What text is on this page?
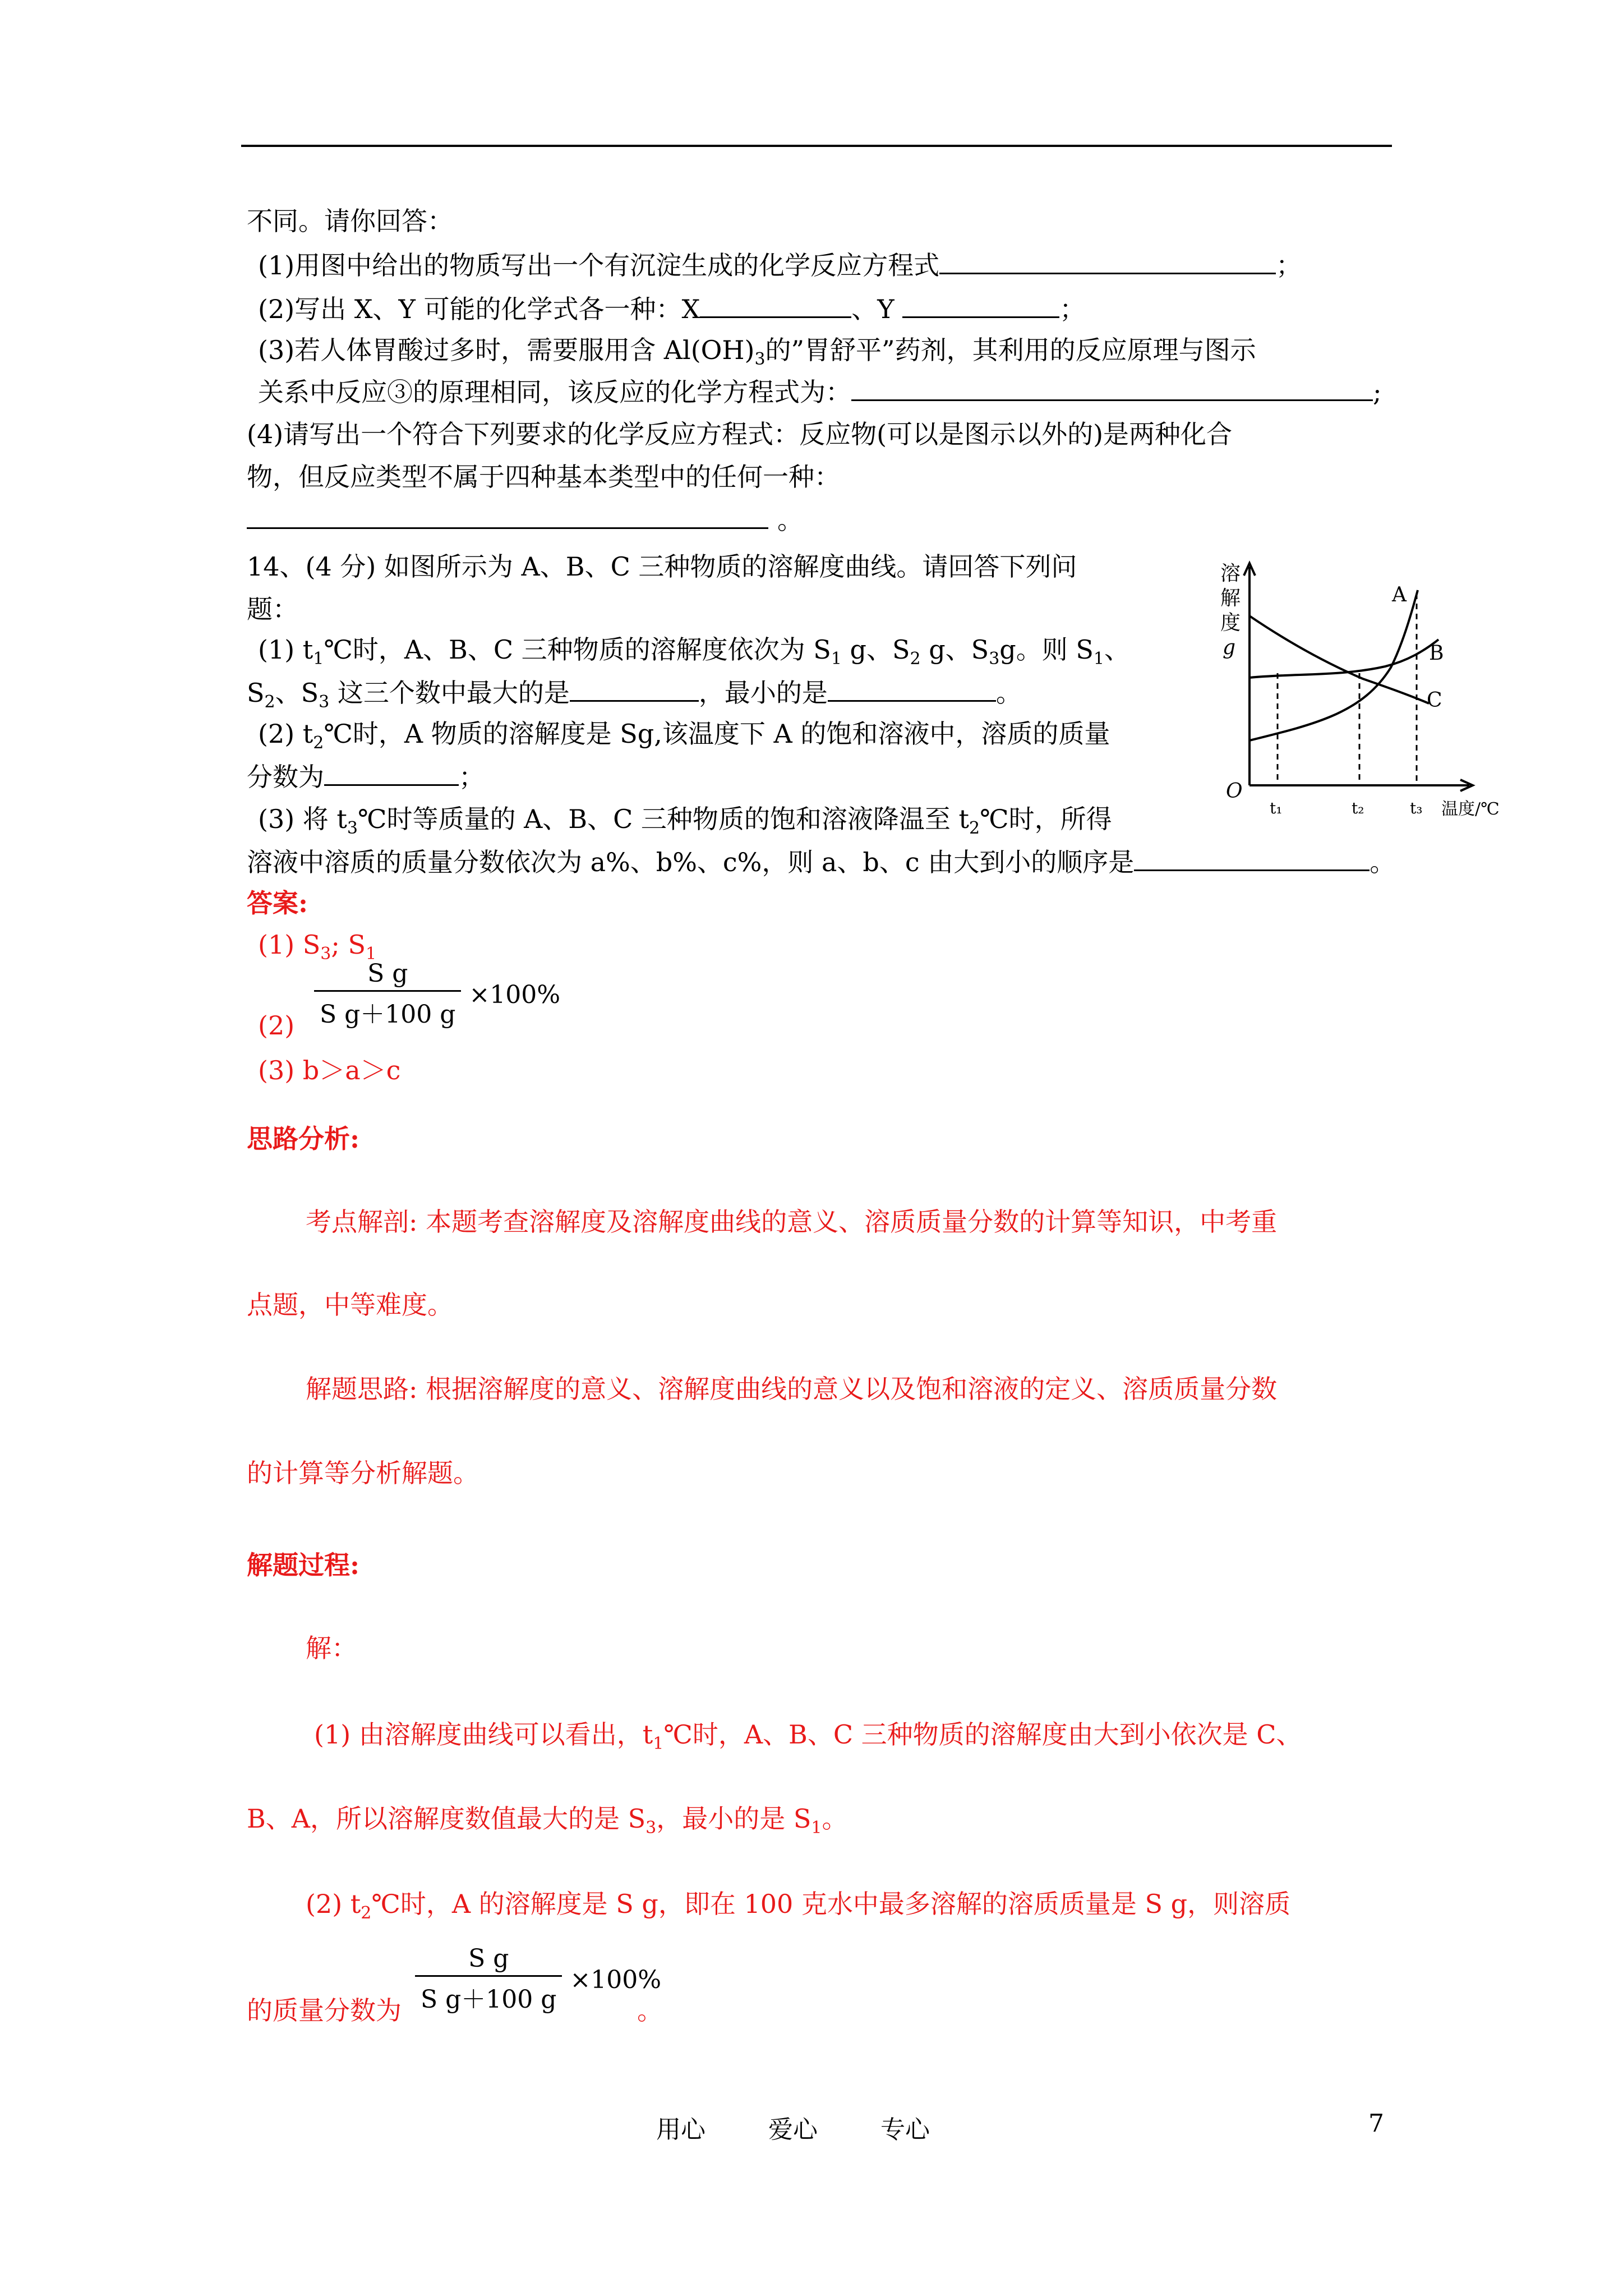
不同。请你回答：
(1)用图中给出的物质写出一个有沉淀生成的化学反应方程式	；
(2)写出 X、Y 可能的化学式各一种：X	、Y	；
(3)若人体胃酸过多时，需要服用含 $Al(OH)_3$的”胃舒平”药剂，其利用的反应原理与图示
关系中反应③的原理相同，该反应的化学方程式为：	;
(4)请写出一个符合下列要求的化学反应方程式：反应物(可以是图示以外的)是两种化合
物，但反应类型不属于四种基本类型中的任何一种：
。
14、(4 分) 如图所示为 A、B、C 三种物质的溶解度曲线。请回答下列问
题：
(1) $t_1℃$时，A、B、C 三种物质的溶解度依次为 $S_1$ g、$S_2$ g、$S_3g$。则 $S_1$、
$S_2$、$S_3$ 这三个数中最大的是	，最小的是	。
(2) $t_2℃$时，A 物质的溶解度是 Sg,该温度下 A 的饱和溶液中，溶质的质量
分数为	；
(3) 将 $t_3℃$时等质量的 A、B、C 三种物质的饱和溶液降温至 $t_2℃$时，所得
溶液中溶质的质量分数依次为 a%、b%、c%，则 a、b、c 由大到小的顺序是	。
溶
解
度
g
O
温度/℃
t₁	t₂	t₃
A
B
C
答案:
(1) $S_3$; $S_1$
$(2) \frac{\text{S g}}{\text{S g＋100 g}} \times 100\%$
(3) b＞a＞c
思路分析:
考点解剖: 本题考查溶解度及溶解度曲线的意义、溶质质量分数的计算等知识，中考重
点题，中等难度。
解题思路: 根据溶解度的意义、溶解度曲线的意义以及饱和溶液的定义、溶质质量分数
的计算等分析解题。
解题过程:
解：
(1) 由溶解度曲线可以看出，$t_1℃$时，A、B、C 三种物质的溶解度由大到小依次是 C、
B、A，所以溶解度数值最大的是 $S_3$，最小的是 $S_1$。
(2) $t_2℃$时，A 的溶解度是 S g，即在 100 克水中最多溶解的溶质质量是 S g，则溶质
的质量分数为	。
$\frac{\text{S g}}{\text{S g＋100 g}} \times 100\%$
用心	爱心	专心	7
